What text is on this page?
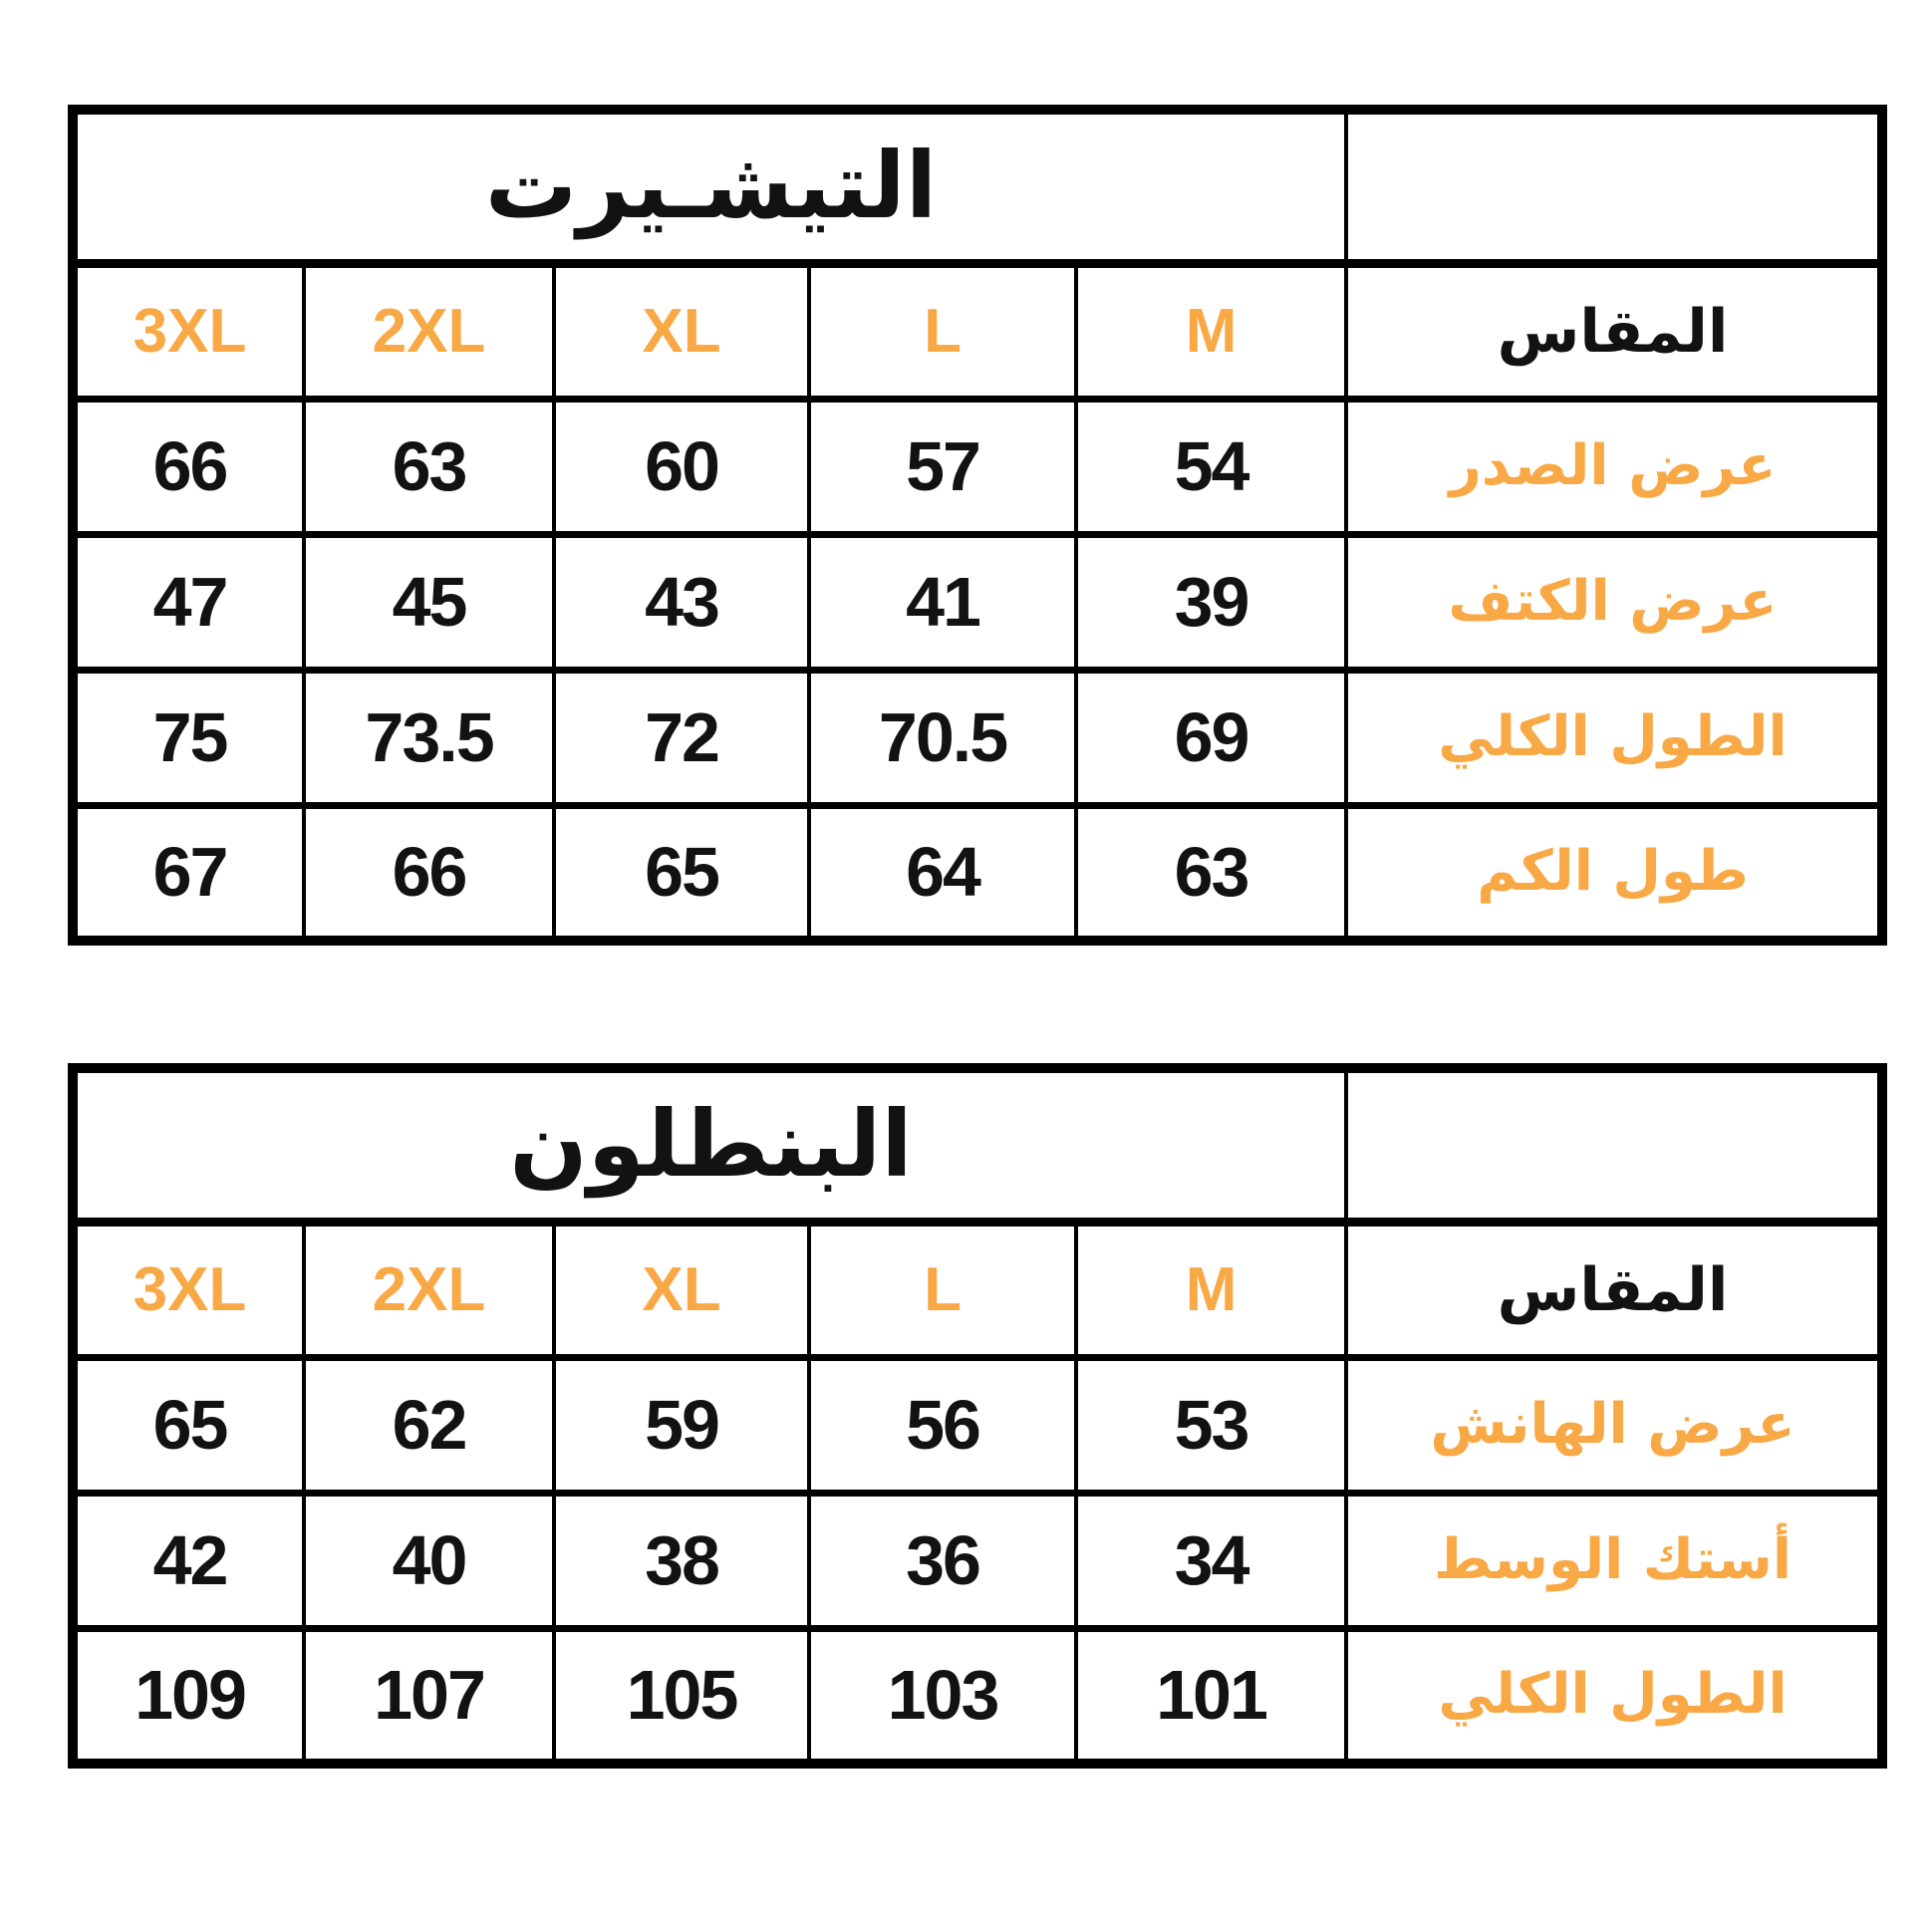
	التيشـيرت				
المقاس	M	L	XL	2XL	3XL
عرض الصدر	54	57	60	63	66
عرض الكتف	39	41	43	45	47
الطول الكلي	69	70.5	72	73.5	75
طول الكم	63	64	65	66	67
	البنطلون				
المقاس	M	L	XL	2XL	3XL
عرض الهانش	53	56	59	62	65
أستك الوسط	34	36	38	40	42
الطول الكلي	101	103	105	107	109
